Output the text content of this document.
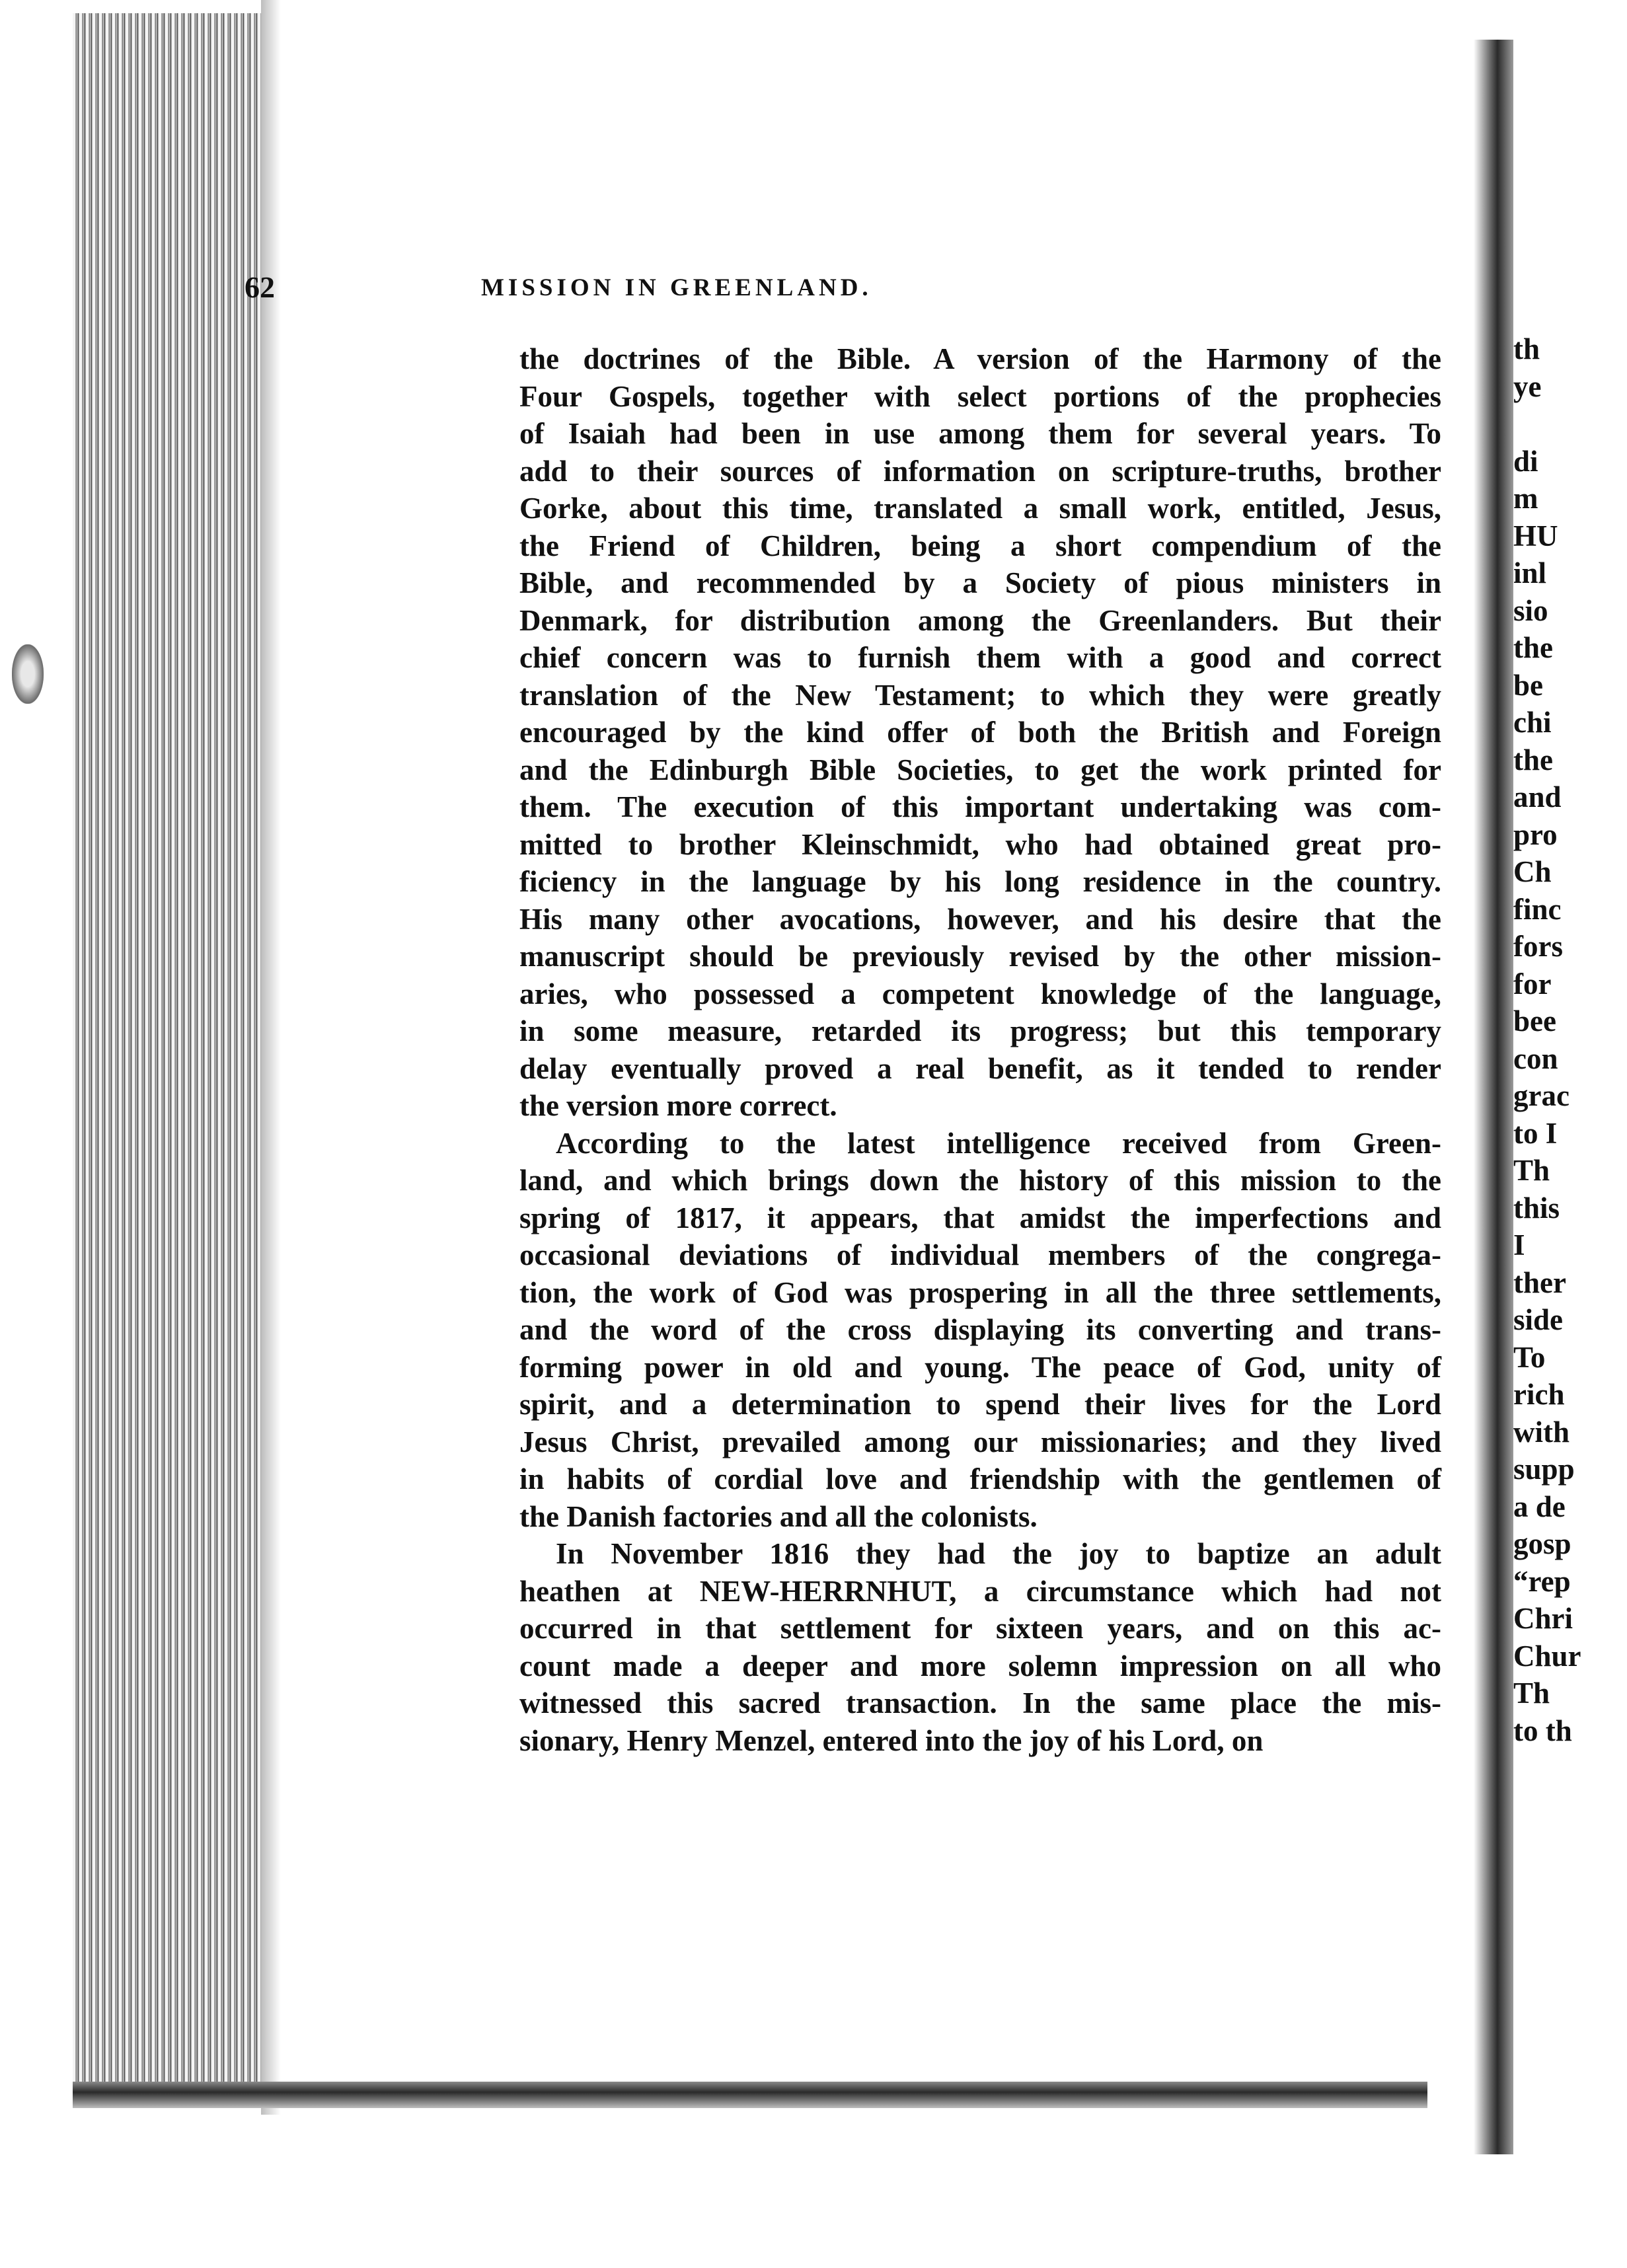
62	MISSION IN GREENLAND.
the doctrines of the Bible. A version of the Harmony of the
Four Gospels, together with select portions of the prophecies
of Isaiah had been in use among them for several years. To
add to their sources of information on scripture-truths, brother
Gorke, about this time, translated a small work, entitled, Jesus,
the Friend of Children, being a short compendium of the
Bible, and recommended by a Society of pious ministers in
Denmark, for distribution among the Greenlanders. But their
chief concern was to furnish them with a good and correct
translation of the New Testament; to which they were greatly
encouraged by the kind offer of both the British and Foreign
and the Edinburgh Bible Societies, to get the work printed for
them. The execution of this important undertaking was com-
mitted to brother Kleinschmidt, who had obtained great pro-
ficiency in the language by his long residence in the country.
His many other avocations, however, and his desire that the
manuscript should be previously revised by the other mission-
aries, who possessed a competent knowledge of the language,
in some measure, retarded its progress; but this temporary
delay eventually proved a real benefit, as it tended to render
the version more correct.
According to the latest intelligence received from Green-
land, and which brings down the history of this mission to the
spring of 1817, it appears, that amidst the imperfections and
occasional deviations of individual members of the congrega-
tion, the work of God was prospering in all the three settlements,
and the word of the cross displaying its converting and trans-
forming power in old and young. The peace of God, unity of
spirit, and a determination to spend their lives for the Lord
Jesus Christ, prevailed among our missionaries; and they lived
in habits of cordial love and friendship with the gentlemen of
the Danish factories and all the colonists.
In November 1816 they had the joy to baptize an adult
heathen at NEW-HERRNHUT, a circumstance which had not
occurred in that settlement for sixteen years, and on this ac-
count made a deeper and more solemn impression on all who
witnessed this sacred transaction. In the same place the mis-
sionary, Henry Menzel, entered into the joy of his Lord, on
th
ye

di
m
HU
inl
sio
the
be
chi
the
and
pro
Ch
finc
fors
for
bee
con
grac
to I
Th
this
I
ther
side
To
rich
with
supp
a de
gosp
“rep
Chri
Chur
Th
to th
